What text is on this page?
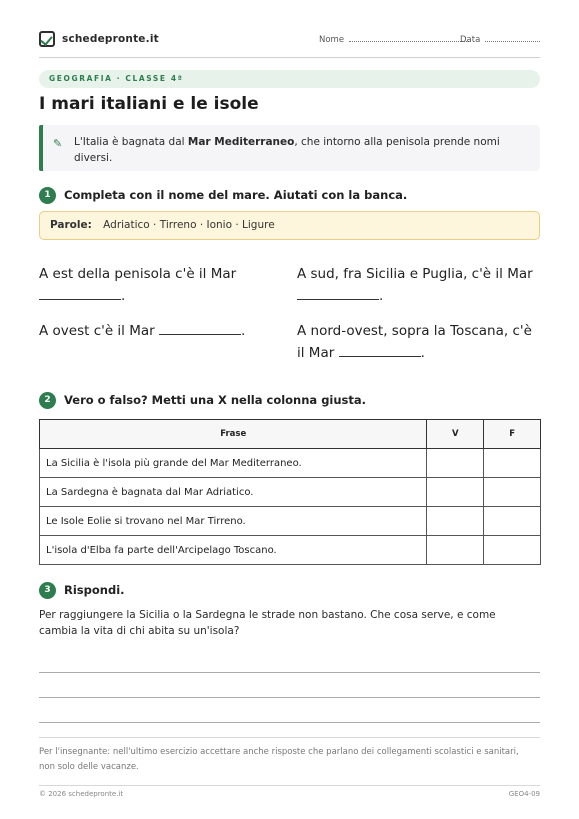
schedepronte.it	Nome	Data
GEOGRAFIA · CLASSE 4ª
I mari italiani e le isole
✎ L'Italia è bagnata dal Mar Mediterraneo, che intorno alla penisola prende nomi diversi.
1	Completa con il nome del mare. Aiutati con la banca.
Parole: Adriatico · Tirreno · Ionio · Ligure
A est della penisola c'è il Mar
.
A sud, fra Sicilia e Puglia, c'è il Mar .
A ovest c'è il Mar	.	A nord-ovest, sopra la Toscana, c'è il Mar	.
2	Vero o falso? Metti una X nella colonna giusta.
Frase	V	F
La Sicilia è l'isola più grande del Mar Mediterraneo.		
La Sardegna è bagnata dal Mar Adriatico.		
Le Isole Eolie si trovano nel Mar Tirreno.		
L'isola d'Elba fa parte dell'Arcipelago Toscano.		
3	Rispondi.
Per raggiungere la Sicilia o la Sardegna le strade non bastano. Che cosa serve, e come cambia la vita di chi abita su un'isola?
Per l'insegnante: nell'ultimo esercizio accettare anche risposte che parlano dei collegamenti scolastici e sanitari, non solo delle vacanze.
© 2026 schedepronte.it	GEO4-09
